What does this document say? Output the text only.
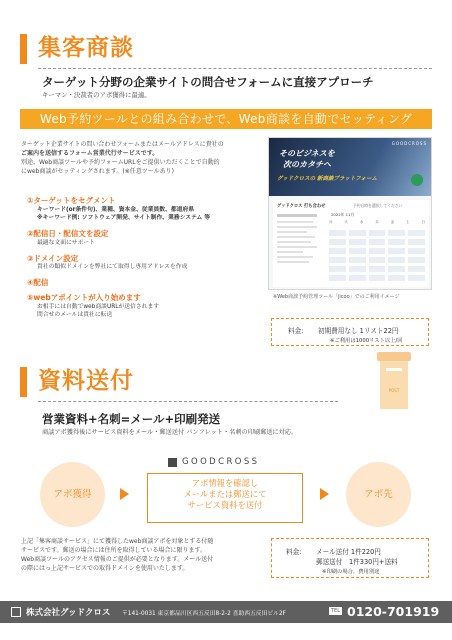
集客商談
ターゲット分野の企業サイトの問合せフォームに直接アプローチ
キーマン・決裁者のアポ獲得に最適。
Web予約ツールとの組み合わせで、Web商談を自動でセッティング
ターゲット企業サイトの問い合わせフォームまたはメールアドレスに貴社の
ご案内を送信するフォーム営業代行サービスです。
別途、Web商談ツールや予約フォームURLをご提供いただくことで自動的
にweb商談がセッティングされます。(※任意ツールあり)
①ターゲットをセグメント
キーワード(or条件句)、業種、資本金、従業員数、都道府県
※キーワード例: ソフトウェア開発、サイト制作、業務システム 等
②配信日・配信文を設定
最適な文面にサポート
③ドメイン設定
貴社の類似ドメインを弊社にて取得し専用アドレスを作成
④配信
⑤webアポイントが入り始めます
お相手には自動でweb商談URLが送信されます
問合せのメールは貴社に転送
GOODCROSS
そのビジネスを
次のカタチへ
グッドクロスの 新商談プラットフォーム
グッドクロス 打ち合わせ	予約日時を選択してください
2022年 11月
月	火	水	木	金	土	日
※Web商談予約管理ツール「jicoo」でのご利用イメージ
料金: 初期費用なし 1リスト22円
※ご利用は1000リスト以上/回
資料送付
営業資料+名刺=メール+印刷発送
商談アポ獲得後にサービス資料をメール・郵送送付 パンフレット・名刺の印刷郵送に対応。
POST
GOODCROSS
アポ獲得
アポ情報を確認し
メールまたは郵送にて
サービス資料を送付
アポ先
上記「集客商談サービス」にて獲得したweb商談アポを対象とする付随
サービスです。郵送の場合には住所を取得している場合に限ります。
Web商談ツールのアクセス情報のご提供が必要となります。メール送付
の際にはっ上記サービスでの取得ドメインを使用いたします。
料金: メール送付 1件220円
郵送送付　1件330円+送料
※印刷の場合、費用別途
株式会社グッドクロス 〒141-0031 東京都品川区西五反田8-2-2 喜助西五反田ビル2F	TEL 0120-701919
